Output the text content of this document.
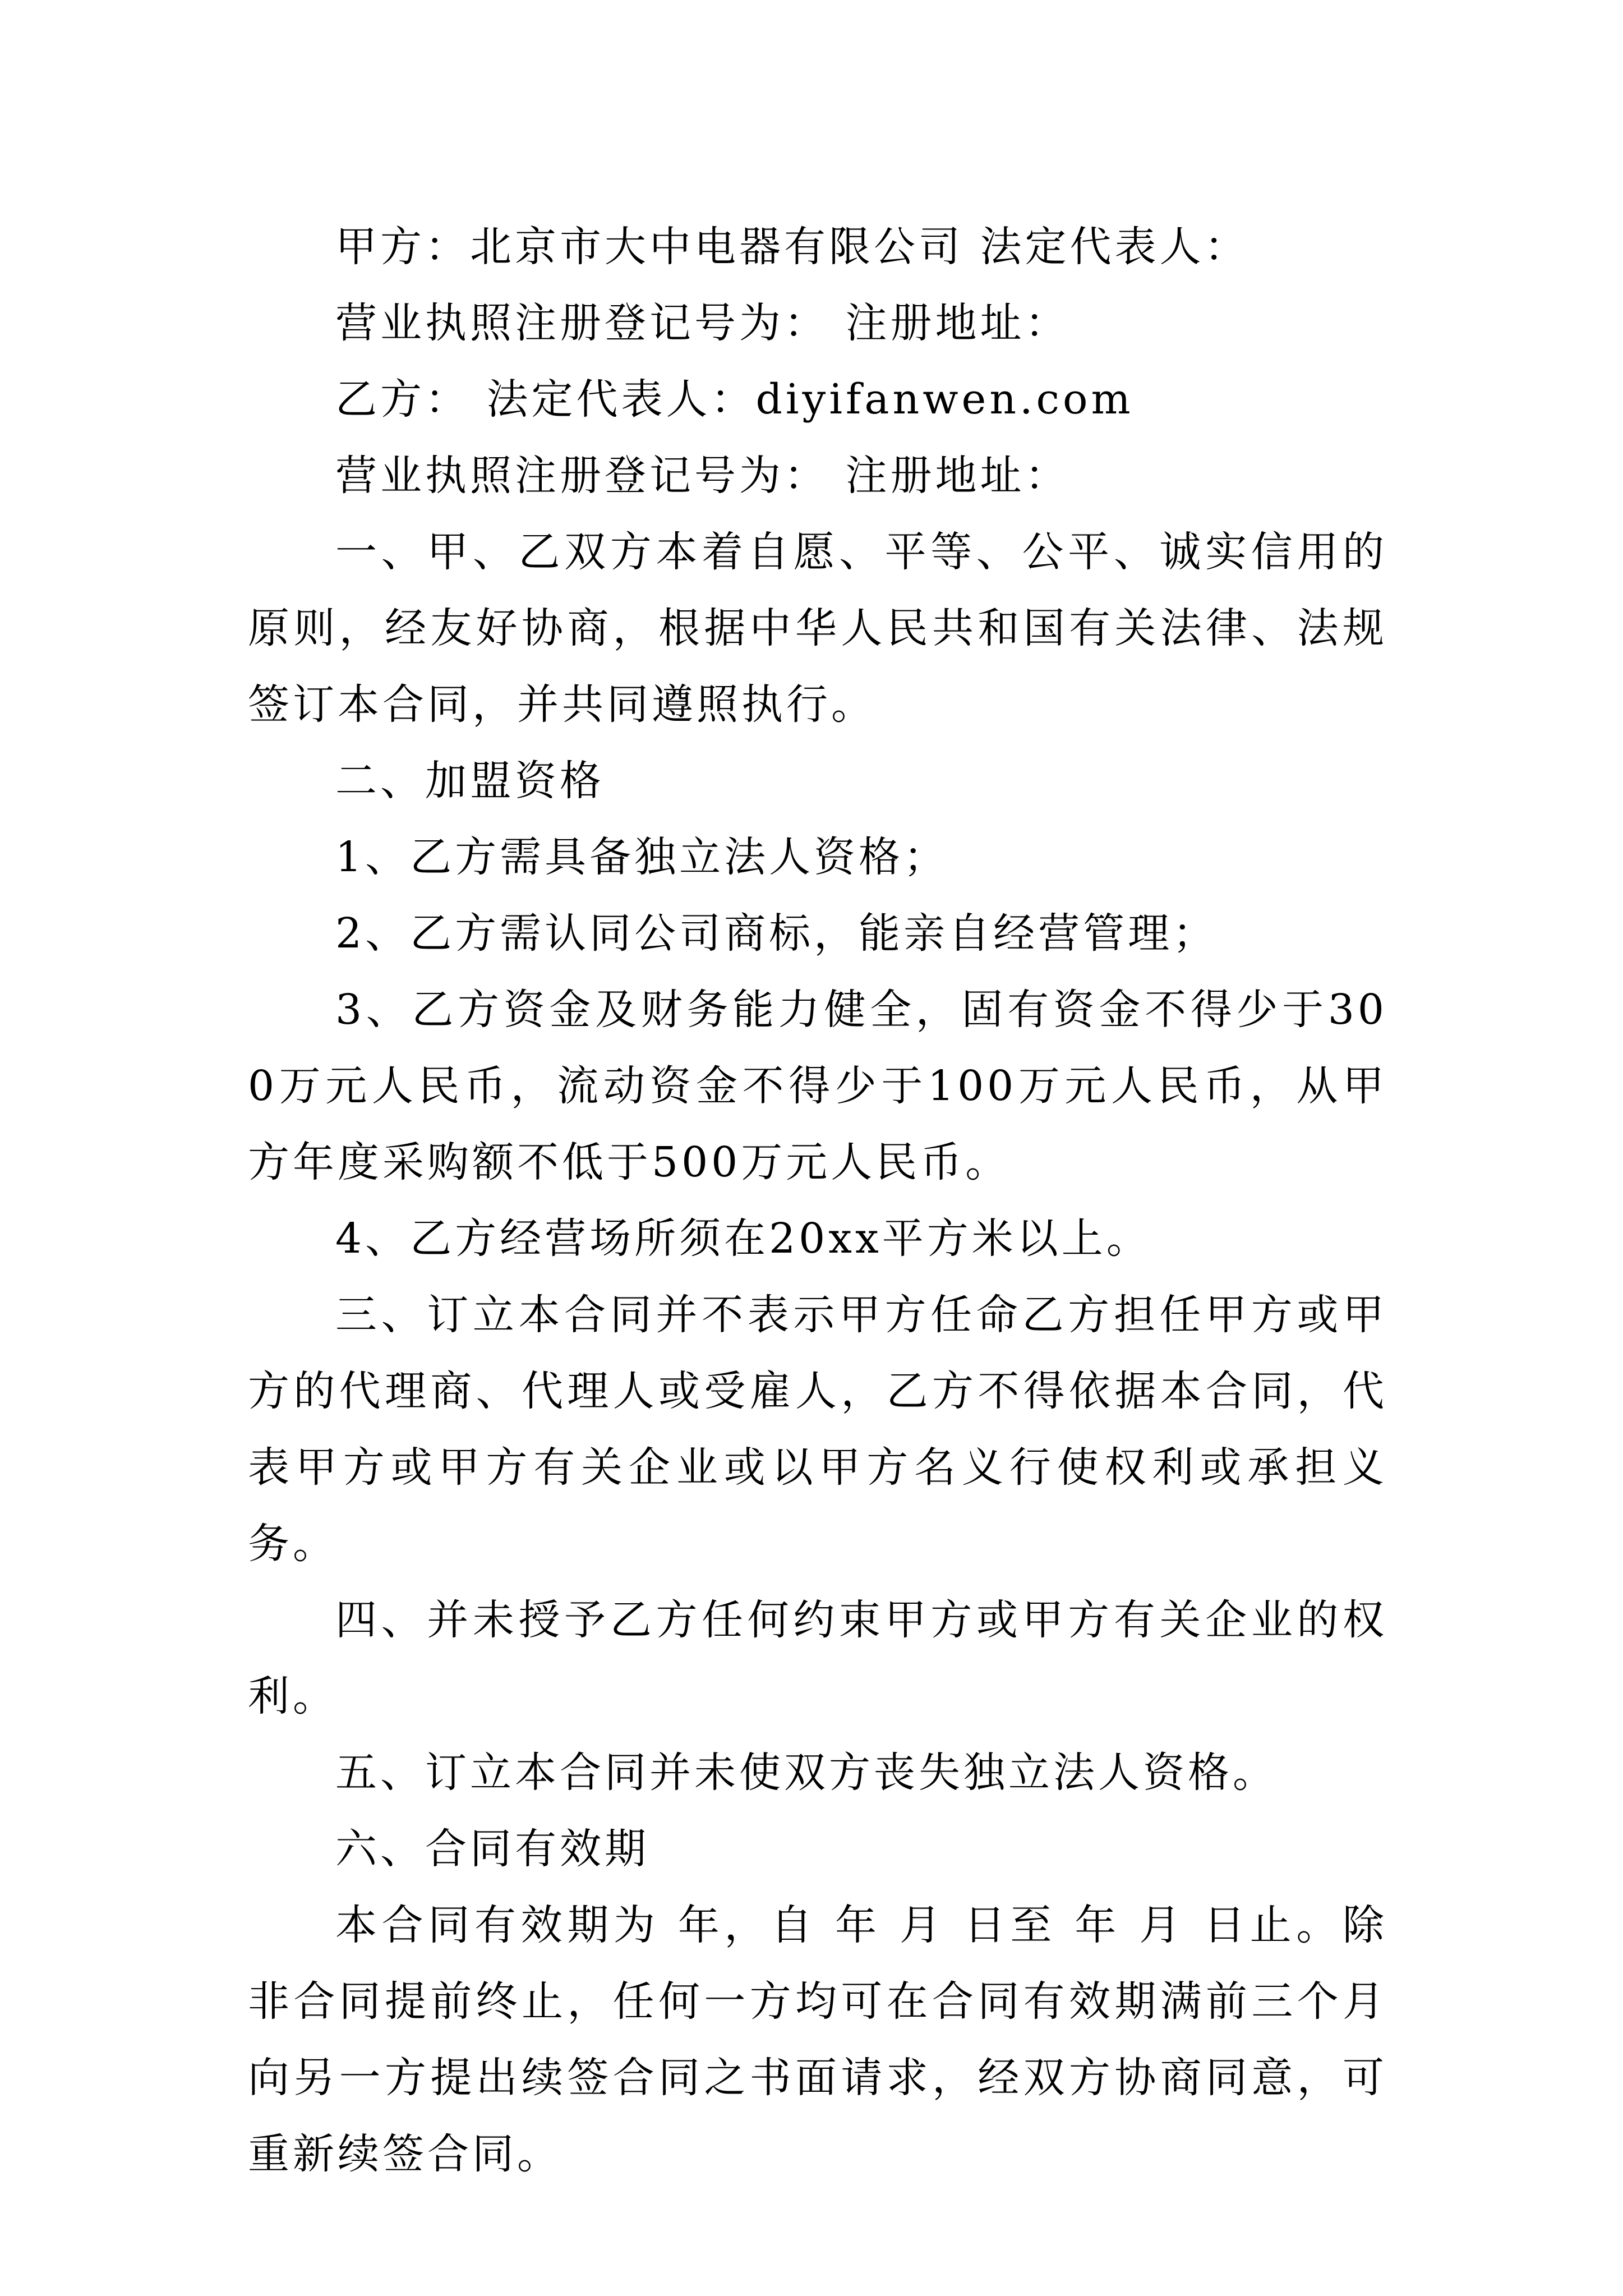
甲方：北京市大中电器有限公司 法定代表人：

营业执照注册登记号为： 注册地址：

乙方： 法定代表人：diyifanwen.com

营业执照注册登记号为： 注册地址：

一、甲、乙双方本着自愿、平等、公平、诚实信用的原则，经友好协商，根据中华人民共和国有关法律、法规签订本合同，并共同遵照执行。

二、加盟资格

1、乙方需具备独立法人资格；

2、乙方需认同公司商标，能亲自经营管理；

3、乙方资金及财务能力健全，固有资金不得少于300万元人民币，流动资金不得少于100万元人民币，从甲方年度采购额不低于500万元人民币。

4、乙方经营场所须在20xx平方米以上。

三、订立本合同并不表示甲方任命乙方担任甲方或甲方的代理商、代理人或受雇人，乙方不得依据本合同，代表甲方或甲方有关企业或以甲方名义行使权利或承担义务。

四、并未授予乙方任何约束甲方或甲方有关企业的权利。

五、订立本合同并未使双方丧失独立法人资格。

六、合同有效期

本合同有效期为 年，自 年 月 日至 年 月 日止。除非合同提前终止，任何一方均可在合同有效期满前三个月向另一方提出续签合同之书面请求，经双方协商同意，可重新续签合同。
